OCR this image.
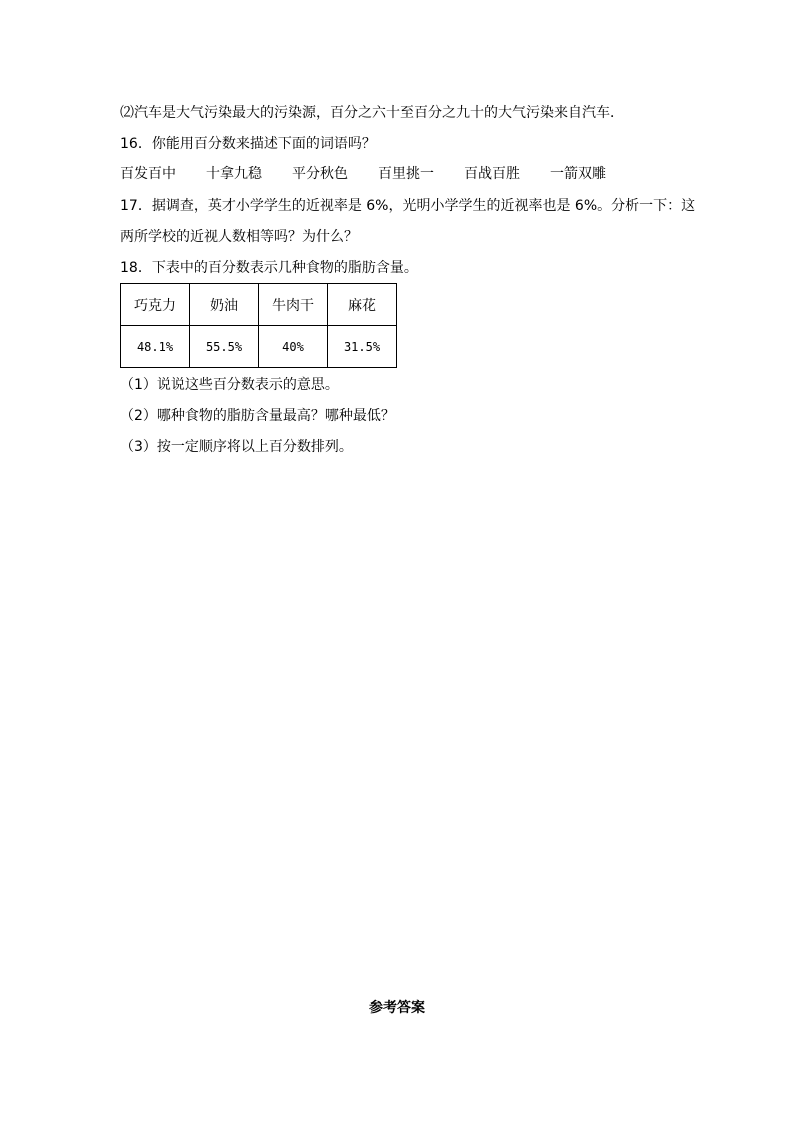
⑵汽车是大气污染最大的污染源，百分之六十至百分之九十的大气污染来自汽车．
16．你能用百分数来描述下面的词语吗？
百发百中 十拿九稳 平分秋色 百里挑一 百战百胜 一箭双雕
17．据调查，英才小学学生的近视率是 6%，光明小学学生的近视率也是 6%。分析一下：这
两所学校的近视人数相等吗？为什么？
18．下表中的百分数表示几种食物的脂肪含量。
巧克力	奶油	牛肉干	麻花
48.1%	55.5%	40%	31.5%
（1）说说这些百分数表示的意思。
（2）哪种食物的脂肪含量最高？哪种最低？
（3）按一定顺序将以上百分数排列。
参考答案
